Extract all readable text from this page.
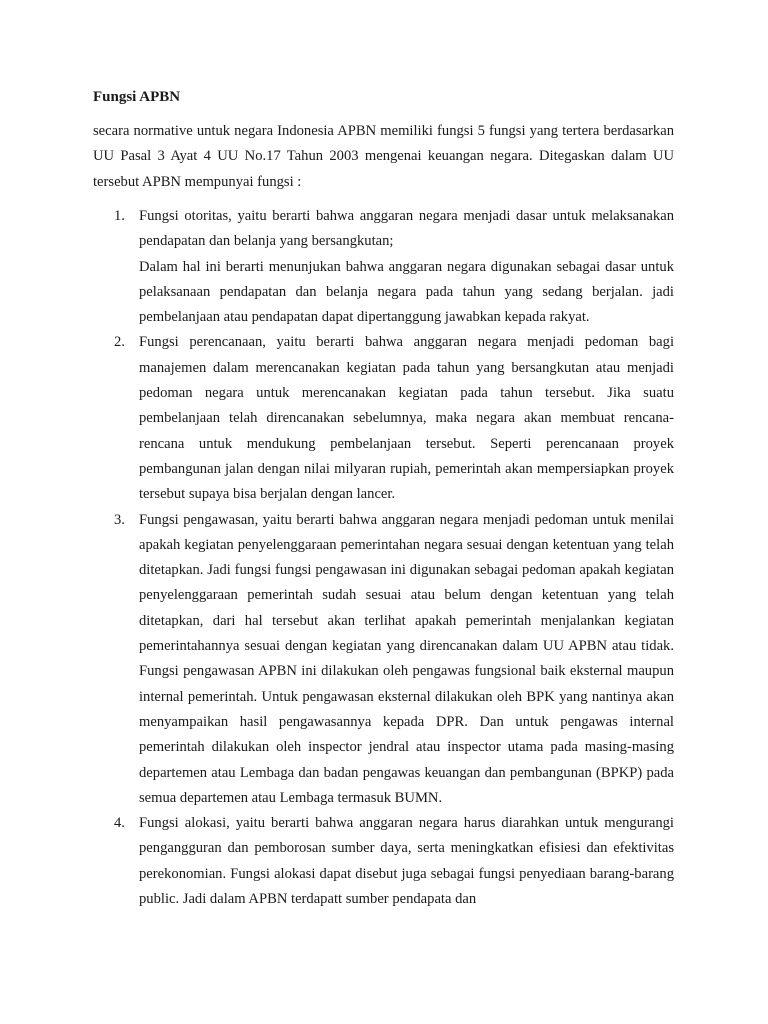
Fungsi APBN

secara normative untuk negara Indonesia APBN memiliki fungsi 5 fungsi yang tertera berdasarkan UU Pasal 3 Ayat 4 UU No.17 Tahun 2003 mengenai keuangan negara. Ditegaskan dalam UU tersebut APBN mempunyai fungsi :

1. Fungsi otoritas, yaitu berarti bahwa anggaran negara menjadi dasar untuk melaksanakan pendapatan dan belanja yang bersangkutan;

Dalam hal ini berarti menunjukan bahwa anggaran negara digunakan sebagai dasar untuk pelaksanaan pendapatan dan belanja negara pada tahun yang sedang berjalan. jadi pembelanjaan atau pendapatan dapat dipertanggung jawabkan kepada rakyat.

2. Fungsi perencanaan, yaitu berarti bahwa anggaran negara menjadi pedoman bagi manajemen dalam merencanakan kegiatan pada tahun yang bersangkutan atau menjadi pedoman negara untuk merencanakan kegiatan pada tahun tersebut. Jika suatu pembelanjaan telah direncanakan sebelumnya, maka negara akan membuat rencana-rencana untuk mendukung pembelanjaan tersebut. Seperti perencanaan proyek pembangunan jalan dengan nilai milyaran rupiah, pemerintah akan mempersiapkan proyek tersebut supaya bisa berjalan dengan lancer.

3. Fungsi pengawasan, yaitu berarti bahwa anggaran negara menjadi pedoman untuk menilai apakah kegiatan penyelenggaraan pemerintahan negara sesuai dengan ketentuan yang telah ditetapkan. Jadi fungsi fungsi pengawasan ini digunakan sebagai pedoman apakah kegiatan penyelenggaraan pemerintah sudah sesuai atau belum dengan ketentuan yang telah ditetapkan, dari hal tersebut akan terlihat apakah pemerintah menjalankan kegiatan pemerintahannya sesuai dengan kegiatan yang direncanakan dalam UU APBN atau tidak. Fungsi pengawasan APBN ini dilakukan oleh pengawas fungsional baik eksternal maupun internal pemerintah. Untuk pengawasan eksternal dilakukan oleh BPK yang nantinya akan menyampaikan hasil pengawasannya kepada DPR. Dan untuk pengawas internal pemerintah dilakukan oleh inspector jendral atau inspector utama pada masing-masing departemen atau Lembaga dan badan pengawas keuangan dan pembangunan (BPKP) pada semua departemen atau Lembaga termasuk BUMN.

4. Fungsi alokasi, yaitu berarti bahwa anggaran negara harus diarahkan untuk mengurangi pengangguran dan pemborosan sumber daya, serta meningkatkan efisiesi dan efektivitas perekonomian. Fungsi alokasi dapat disebut juga sebagai fungsi penyediaan barang-barang public. Jadi dalam APBN terdapatt sumber pendapata dan
